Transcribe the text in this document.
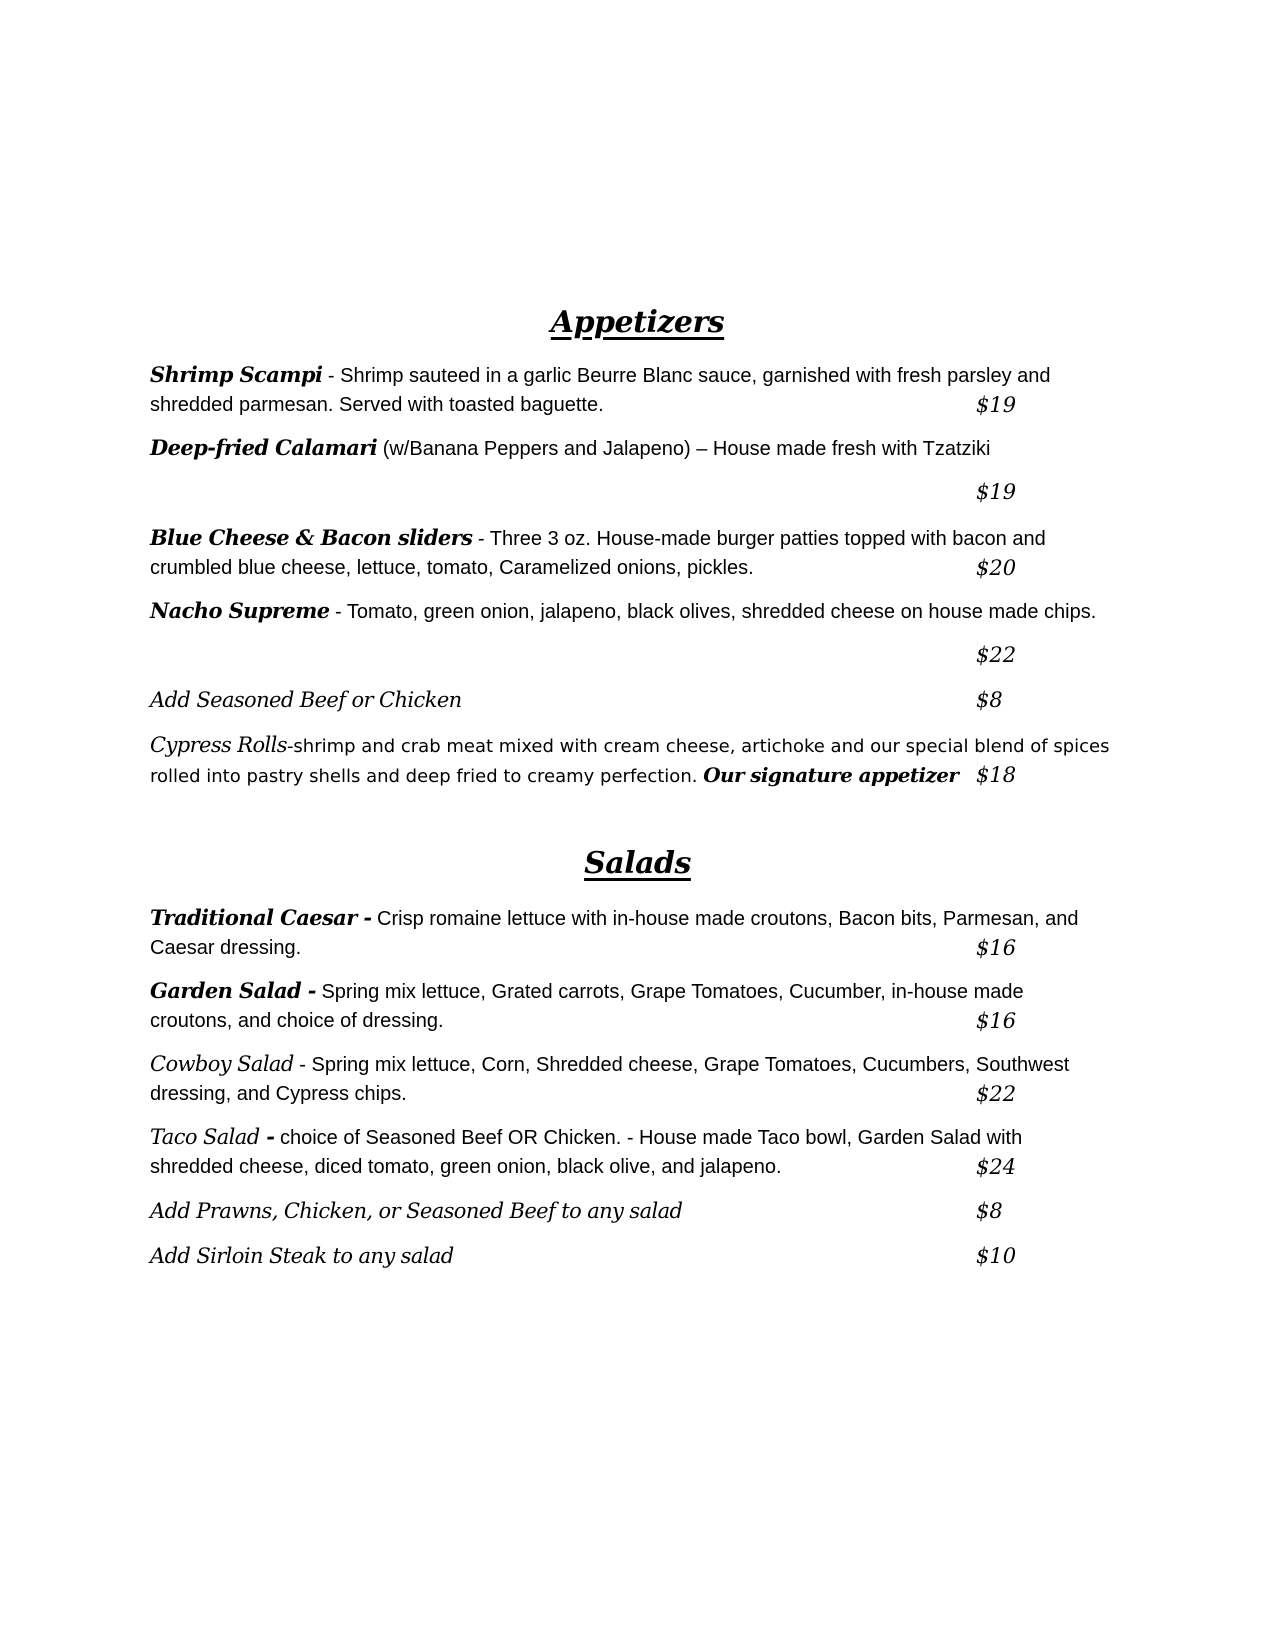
Appetizers
Shrimp Scampi - Shrimp sauteed in a garlic Beurre Blanc sauce, garnished with fresh parsley and
shredded parmesan. Served with toasted baguette.	$19
Deep-fried Calamari (w/Banana Peppers and Jalapeno) – House made fresh with Tzatziki
$19
Blue Cheese & Bacon sliders - Three 3 oz. House-made burger patties topped with bacon and
crumbled blue cheese, lettuce, tomato, Caramelized onions, pickles.	$20
Nacho Supreme - Tomato, green onion, jalapeno, black olives, shredded cheese on house made chips.
$22
Add Seasoned Beef or Chicken	$8
Cypress Rolls-shrimp and crab meat mixed with cream cheese, artichoke and our special blend of spices
rolled into pastry shells and deep fried to creamy perfection. Our signature appetizer $18
Salads
Traditional Caesar - Crisp romaine lettuce with in-house made croutons, Bacon bits, Parmesan, and
Caesar dressing.	$16
Garden Salad - Spring mix lettuce, Grated carrots, Grape Tomatoes, Cucumber, in-house made
croutons, and choice of dressing.	$16
Cowboy Salad - Spring mix lettuce, Corn, Shredded cheese, Grape Tomatoes, Cucumbers, Southwest
dressing, and Cypress chips.	$22
Taco Salad - choice of Seasoned Beef OR Chicken. - House made Taco bowl, Garden Salad with
shredded cheese, diced tomato, green onion, black olive, and jalapeno.	$24
Add Prawns, Chicken, or Seasoned Beef to any salad	$8
Add Sirloin Steak to any salad	$10
